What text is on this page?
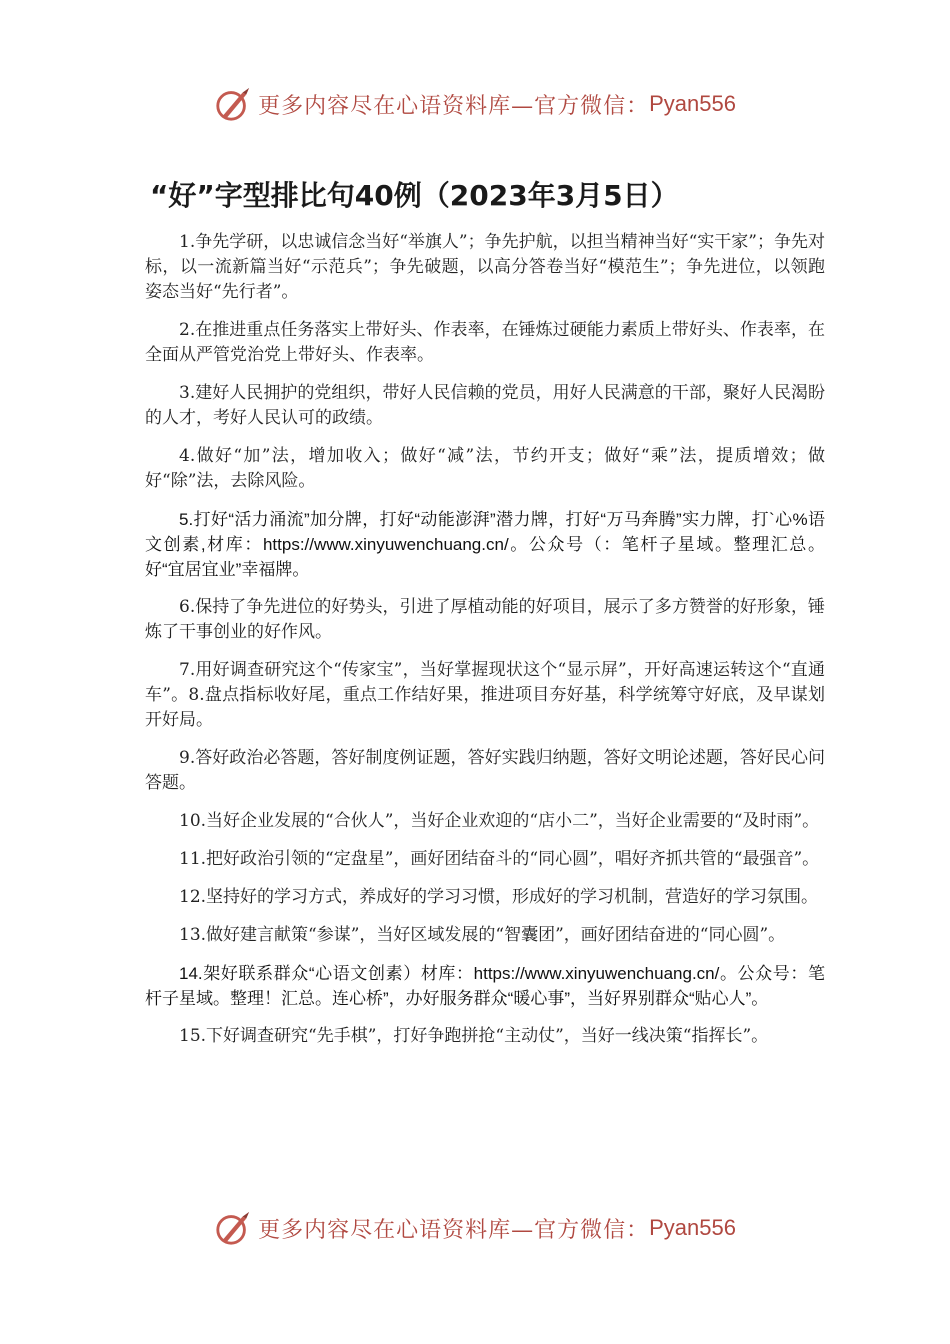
更多内容尽在心语资料库—官方微信： Pyan556
“好”字型排比句40例（2023年3月5日）

1.争先学研，以忠诚信念当好“举旗人”；争先护航，以担当精神当好“实干家”；争先对标，以一流新篇当好“示范兵”；争先破题，以高分答卷当好“模范生”；争先进位，以领跑姿态当好“先行者”。

2.在推进重点任务落实上带好头、作表率，在锤炼过硬能力素质上带好头、作表率，在全面从严管党治党上带好头、作表率。

3.建好人民拥护的党组织，带好人民信赖的党员，用好人民满意的干部，聚好人民渴盼的人才，考好人民认可的政绩。

4.做好“加”法，增加收入；做好“减”法，节约开支；做好“乘”法，提质增效；做好“除”法，去除风险。

5.打好“活力涌流”加分牌，打好“动能澎湃”潜力牌，打好“万马奔腾”实力牌，打`心%语文创素,材库：https://www.xinyuwenchuang.cn/。公众号（：笔杆子星域。整理汇总。好“宜居宜业”幸福牌。

6.保持了争先进位的好势头，引进了厚植动能的好项目，展示了多方赞誉的好形象，锤炼了干事创业的好作风。

7.用好调查研究这个“传家宝”，当好掌握现状这个“显示屏”，开好高速运转这个“直通车”。8.盘点指标收好尾，重点工作结好果，推进项目夯好基，科学统筹守好底，及早谋划开好局。

9.答好政治必答题，答好制度例证题，答好实践归纳题，答好文明论述题，答好民心问答题。

10.当好企业发展的“合伙人”，当好企业欢迎的“店小二”，当好企业需要的“及时雨”。

11.把好政治引领的“定盘星”，画好团结奋斗的“同心圆”，唱好齐抓共管的“最强音”。

12.坚持好的学习方式，养成好的学习习惯，形成好的学习机制，营造好的学习氛围。

13.做好建言献策“参谋”，当好区域发展的“智囊团”，画好团结奋进的“同心圆”。

14.架好联系群众“心语文创素）材库：https://www.xinyuwenchuang.cn/。公众号：笔杆子星域。整理！汇总。连心桥”，办好服务群众“暖心事”，当好界别群众“贴心人”。

15.下好调查研究“先手棋”，打好争跑拼抢“主动仗”，当好一线决策“指挥长”。

更多内容尽在心语资料库—官方微信： Pyan556
